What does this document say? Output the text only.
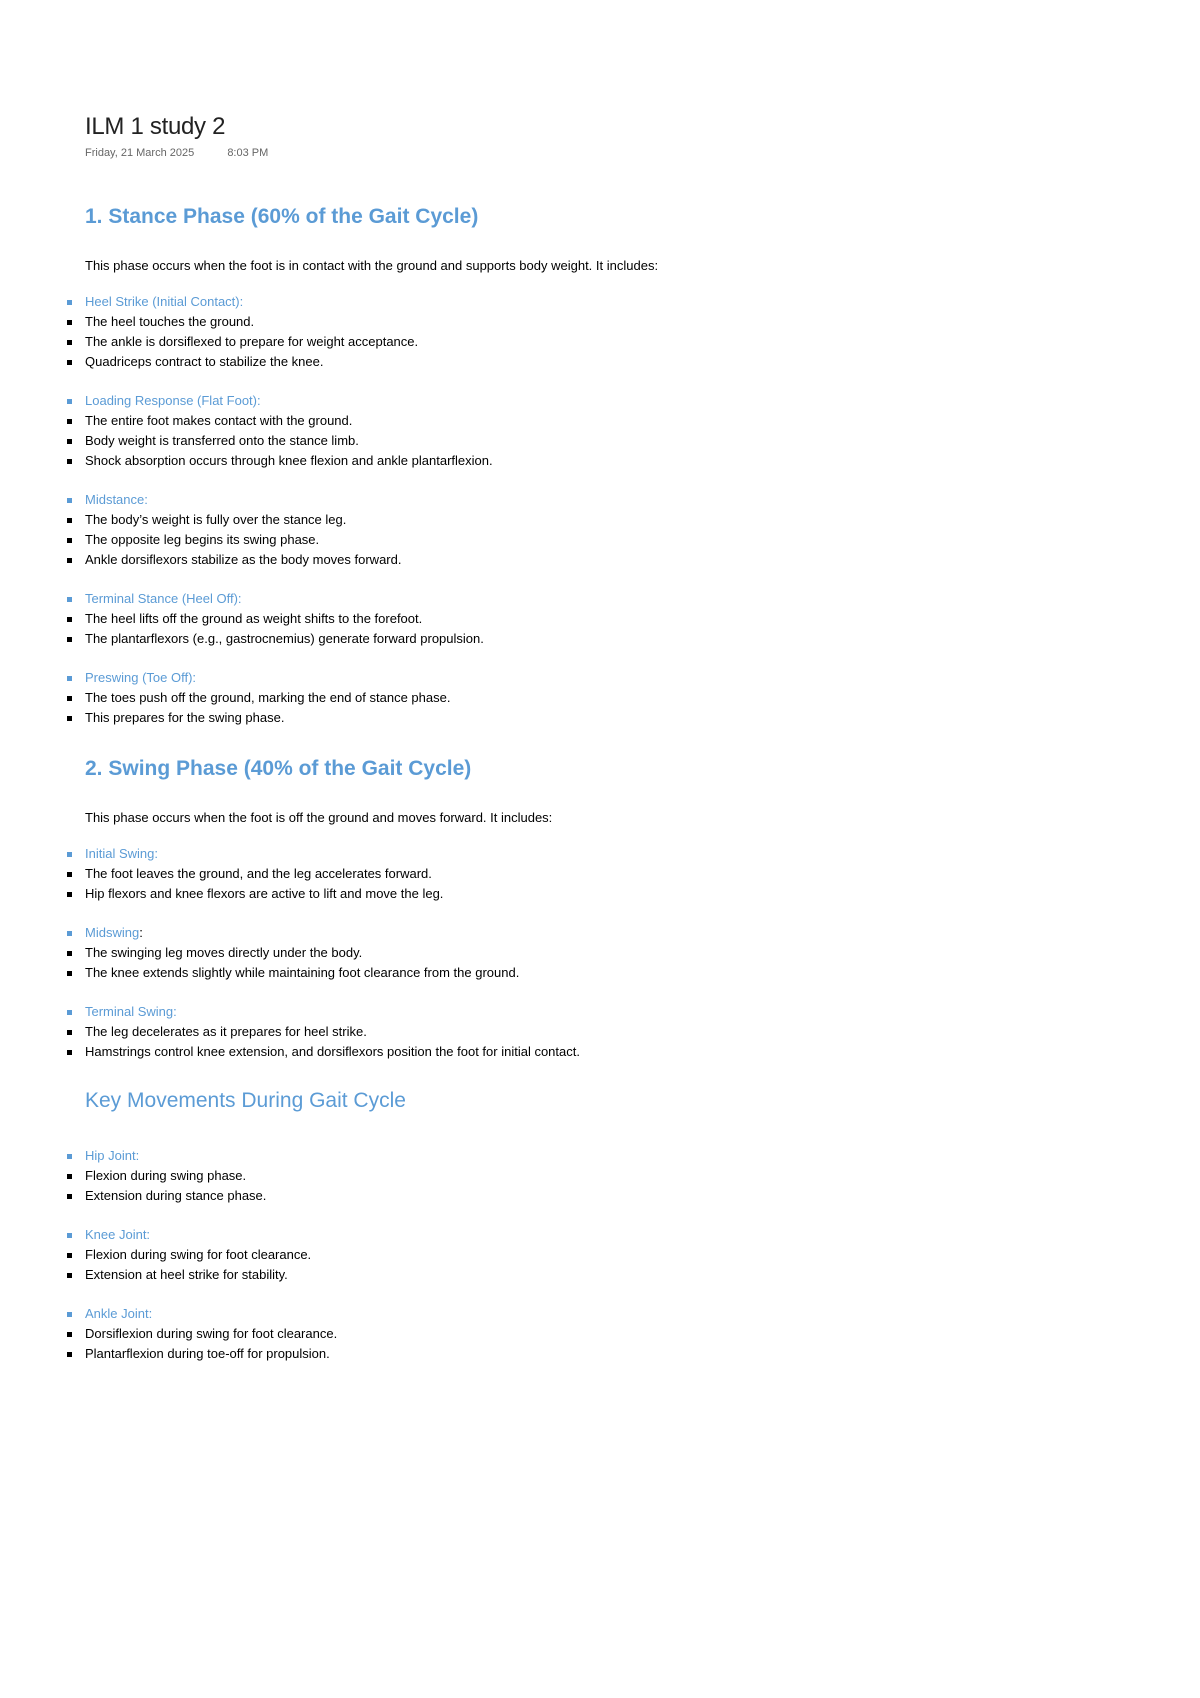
ILM 1 study 2
Friday, 21 March 2025	8:03 PM
1. Stance Phase (60% of the Gait Cycle)

This phase occurs when the foot is in contact with the ground and supports body weight. It includes:

Heel Strike (Initial Contact):
The heel touches the ground.
The ankle is dorsiflexed to prepare for weight acceptance.
Quadriceps contract to stabilize the knee.
Loading Response (Flat Foot):
The entire foot makes contact with the ground.
Body weight is transferred onto the stance limb.
Shock absorption occurs through knee flexion and ankle plantarflexion.
Midstance:
The body’s weight is fully over the stance leg.
The opposite leg begins its swing phase.
Ankle dorsiflexors stabilize as the body moves forward.
Terminal Stance (Heel Off):
The heel lifts off the ground as weight shifts to the forefoot.
The plantarflexors (e.g., gastrocnemius) generate forward propulsion.
Preswing (Toe Off):
The toes push off the ground, marking the end of stance phase.
This prepares for the swing phase.
2. Swing Phase (40% of the Gait Cycle)

This phase occurs when the foot is off the ground and moves forward. It includes:

Initial Swing:
The foot leaves the ground, and the leg accelerates forward.
Hip flexors and knee flexors are active to lift and move the leg.
Midswing:
The swinging leg moves directly under the body.
The knee extends slightly while maintaining foot clearance from the ground.
Terminal Swing:
The leg decelerates as it prepares for heel strike.
Hamstrings control knee extension, and dorsiflexors position the foot for initial contact.
Key Movements During Gait Cycle
Hip Joint:
Flexion during swing phase.
Extension during stance phase.
Knee Joint:
Flexion during swing for foot clearance.
Extension at heel strike for stability.
Ankle Joint:
Dorsiflexion during swing for foot clearance.
Plantarflexion during toe-off for propulsion.
